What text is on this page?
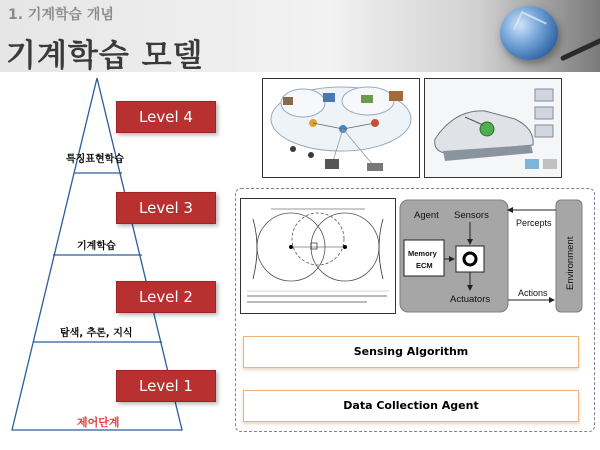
1. 기계학습 개념
기계학습 모델
Level 4
Level 3
Level 2
Level 1
특징표현학습
기계학습
탐색, 추론, 지식
제어단계
Agent Sensors
Memory
ECM
Actuators
Percepts
Actions
Environment
Sensing Algorithm
Data Collection Agent
